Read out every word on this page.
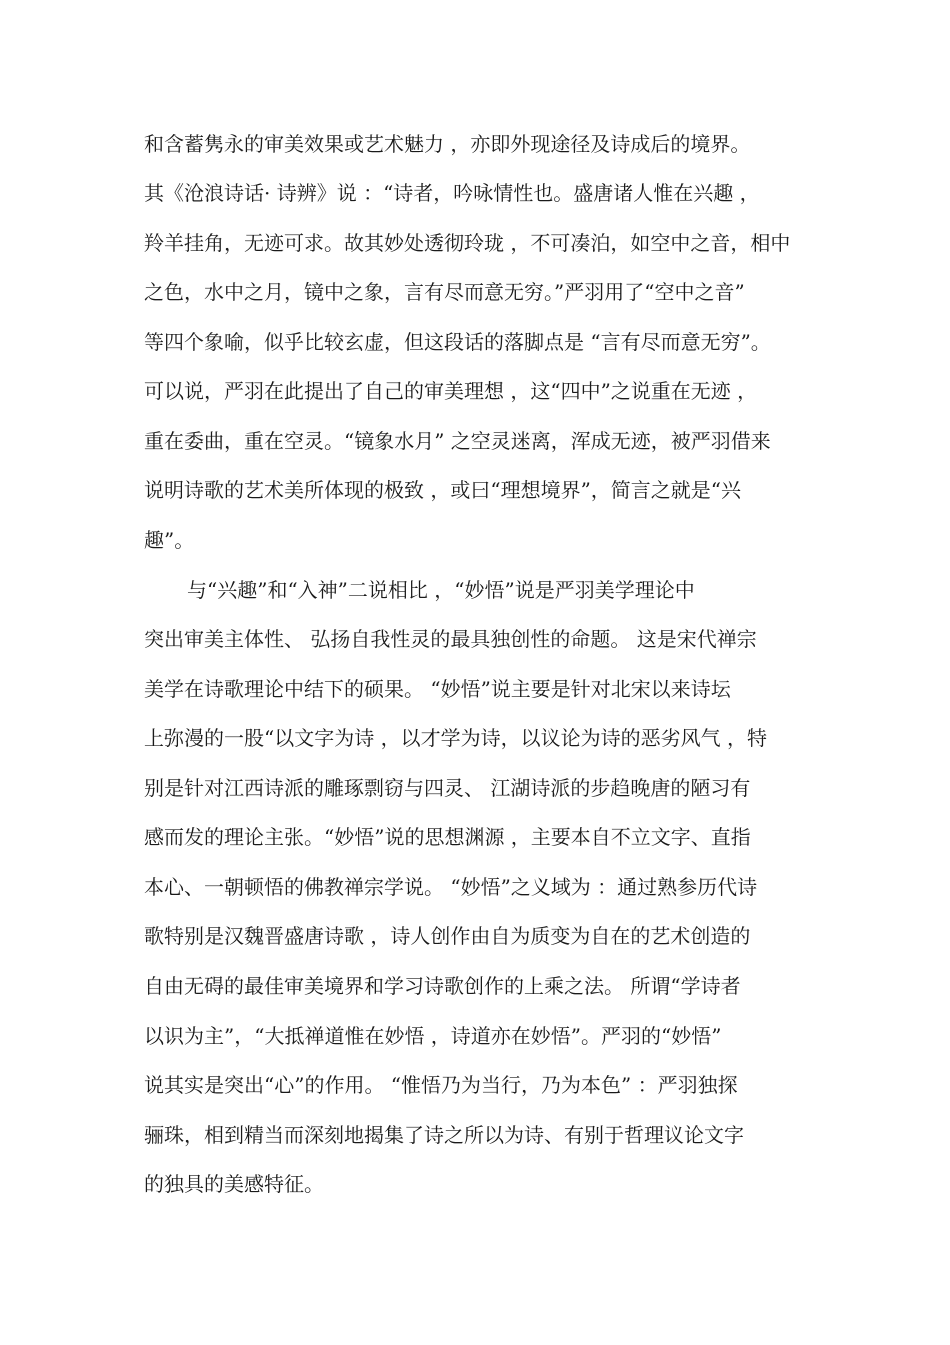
和含蓄隽永的审美效果或艺术魅力 ，亦即外现途径及诗成后的境界。

其《沧浪诗话· 诗辨》说 ：“诗者，吟咏情性也。盛唐诸人惟在兴趣 ，

羚羊挂角，无迹可求。故其妙处透彻玲珑 ，不可凑泊，如空中之音，相中

之色，水中之月，镜中之象，言有尽而意无穷。”严羽用了“空中之音”

等四个象喻，似乎比较玄虚，但这段话的落脚点是 “言有尽而意无穷”。

可以说，严羽在此提出了自己的审美理想 ，这“四中”之说重在无迹 ，

重在委曲，重在空灵。“镜象水月” 之空灵迷离，浑成无迹，被严羽借来

说明诗歌的艺术美所体现的极致 ，或曰“理想境界”，简言之就是“兴

趣”。

与“兴趣”和“入神”二说相比 ，“妙悟”说是严羽美学理论中

突出审美主体性、 弘扬自我性灵的最具独创性的命题。 这是宋代禅宗

美学在诗歌理论中结下的硕果。 “妙悟”说主要是针对北宋以来诗坛

上弥漫的一股“以文字为诗 ，以才学为诗，以议论为诗的恶劣风气 ，特

别是针对江西诗派的雕琢剽窃与四灵、 江湖诗派的步趋晚唐的陋习有

感而发的理论主张。“妙悟”说的思想渊源 ，主要本自不立文字、直指

本心、一朝顿悟的佛教禅宗学说。 “妙悟”之义域为 ：通过熟参历代诗

歌特别是汉魏晋盛唐诗歌 ，诗人创作由自为质变为自在的艺术创造的

自由无碍的最佳审美境界和学习诗歌创作的上乘之法。 所谓“学诗者

以识为主”，“大抵禅道惟在妙悟 ，诗道亦在妙悟”。严羽的“妙悟”

说其实是突出“心”的作用。 “惟悟乃为当行，乃为本色” ：严羽独探

骊珠，相到精当而深刻地揭集了诗之所以为诗、有别于哲理议论文字

的独具的美感特征。
